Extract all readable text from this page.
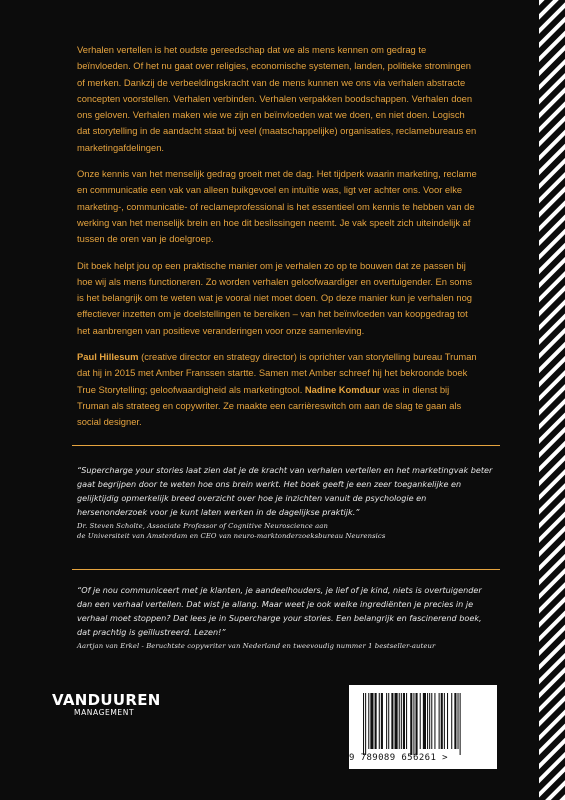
Verhalen vertellen is het oudste gereedschap dat we als mens kennen om gedrag te beïnvloeden. Of het nu gaat over religies, economische systemen, landen, politieke stromingen of merken. Dankzij de verbeeldingskracht van de mens kunnen we ons via verhalen abstracte concepten voorstellen. Verhalen verbinden. Verhalen verpakken boodschappen. Verhalen doen ons geloven. Verhalen maken wie we zijn en beïnvloeden wat we doen, en niet doen. Logisch dat storytelling in de aandacht staat bij veel (maatschappelijke) organisaties, reclamebureaus en marketingafdelingen.

Onze kennis van het menselijk gedrag groeit met de dag. Het tijdperk waarin marketing, reclame en communicatie een vak van alleen buikgevoel en intuïtie was, ligt ver achter ons. Voor elke marketing-, communicatie- of reclameprofessional is het essentieel om kennis te hebben van de werking van het menselijk brein en hoe dit beslissingen neemt. Je vak speelt zich uiteindelijk af tussen de oren van je doelgroep.

Dit boek helpt jou op een praktische manier om je verhalen zo op te bouwen dat ze passen bij hoe wij als mens functioneren. Zo worden verhalen geloofwaardiger en overtuigender. En soms is het belangrijk om te weten wat je vooral niet moet doen. Op deze manier kun je verhalen nog effectiever inzetten om je doelstellingen te bereiken – van het beïnvloeden van koopgedrag tot het aanbrengen van positieve veranderingen voor onze samenleving.

Paul Hillesum (creative director en strategy director) is oprichter van storytelling bureau Truman dat hij in 2015 met Amber Franssen startte. Samen met Amber schreef hij het bekroonde boek True Storytelling; geloofwaardigheid als marketingtool. Nadine Komduur was in dienst bij Truman als strateeg en copywriter. Ze maakte een carrièreswitch om aan de slag te gaan als social designer.

“Supercharge your stories laat zien dat je de kracht van verhalen vertellen en het marketingvak beter gaat begrijpen door te weten hoe ons brein werkt. Het boek geeft je een zeer toegankelijke en gelijktijdig opmerkelijk breed overzicht over hoe je inzichten vanuit de psychologie en hersenonderzoek voor je kunt laten werken in de dagelijkse praktijk.”

Dr. Steven Scholte, Associate Professor of Cognitive Neuroscience aan
de Universiteit van Amsterdam en CEO van neuro-marktonderzoeksbureau Neurensics

“Of je nou communiceert met je klanten, je aandeelhouders, je lief of je kind, niets is overtuigender dan een verhaal vertellen. Dat wist je allang. Maar weet je ook welke ingrediënten je precies in je verhaal moet stoppen? Dat lees je in Supercharge your stories. Een belangrijk en fascinerend boek, dat prachtig is geïllustreerd. Lezen!”

Aartjan van Erkel - Beruchtste copywriter van Nederland en tweevoudig nummer 1 bestseller-auteur
VANDUUREN
MANAGEMENT
9 789089 656261 >
